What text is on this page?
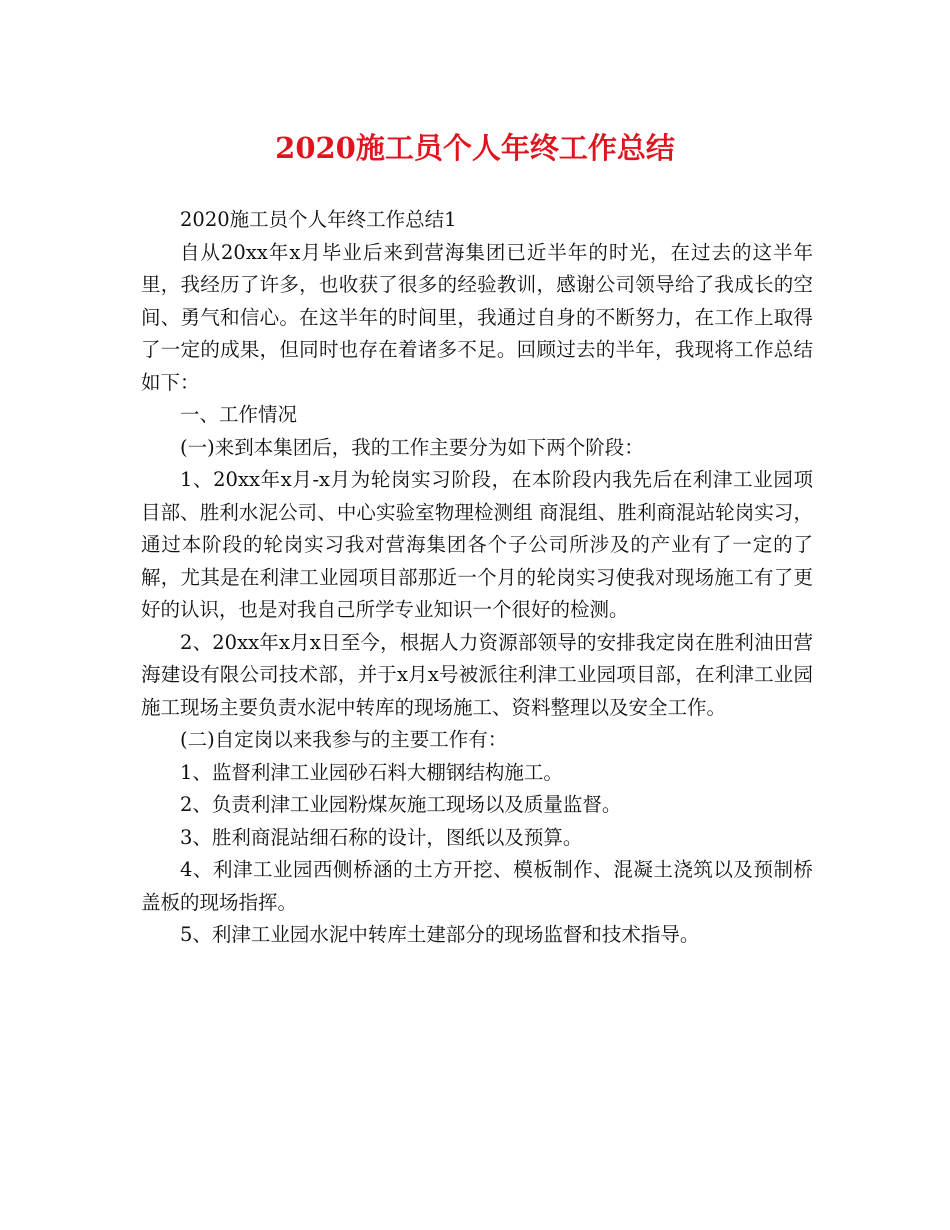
2020施工员个人年终工作总结

2020施工员个人年终工作总结1

自从20xx年x月毕业后来到营海集团已近半年的时光，在过去的这半年里，我经历了许多，也收获了很多的经验教训，感谢公司领导给了我成长的空间、勇气和信心。在这半年的时间里，我通过自身的不断努力，在工作上取得了一定的成果，但同时也存在着诸多不足。回顾过去的半年，我现将工作总结如下：

一、工作情况

(一)来到本集团后，我的工作主要分为如下两个阶段：

1、20xx年x月-x月为轮岗实习阶段，在本阶段内我先后在利津工业园项目部、胜利水泥公司、中心实验室物理检测组 商混组、胜利商混站轮岗实习，通过本阶段的轮岗实习我对营海集团各个子公司所涉及的产业有了一定的了解，尤其是在利津工业园项目部那近一个月的轮岗实习使我对现场施工有了更好的认识，也是对我自己所学专业知识一个很好的检测。

2、20xx年x月x日至今，根据人力资源部领导的安排我定岗在胜利油田营海建设有限公司技术部，并于x月x号被派往利津工业园项目部，在利津工业园施工现场主要负责水泥中转库的现场施工、资料整理以及安全工作。

(二)自定岗以来我参与的主要工作有：

1、监督利津工业园砂石料大棚钢结构施工。

2、负责利津工业园粉煤灰施工现场以及质量监督。

3、胜利商混站细石称的设计，图纸以及预算。

4、利津工业园西侧桥涵的土方开挖、模板制作、混凝土浇筑以及预制桥盖板的现场指挥。

5、利津工业园水泥中转库土建部分的现场监督和技术指导。
